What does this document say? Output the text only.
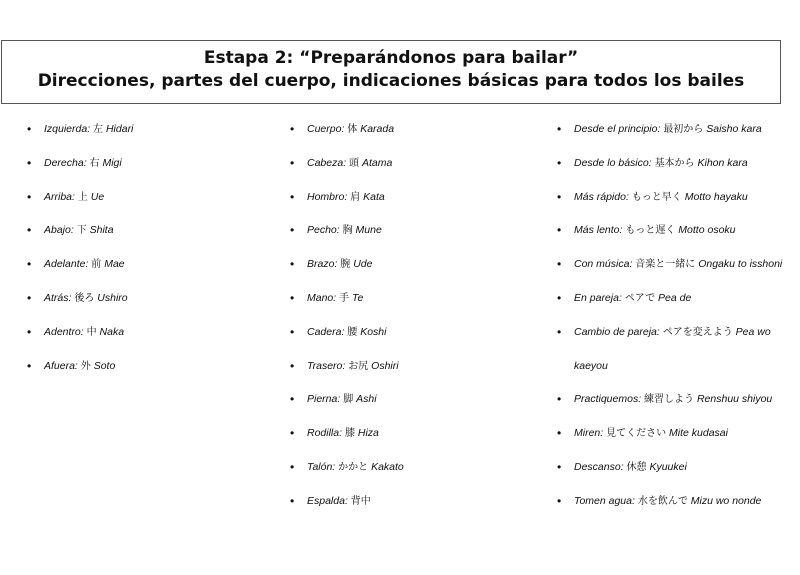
Estapa 2: “Preparándonos para bailar”
Direcciones, partes del cuerpo, indicaciones básicas para todos los bailes
• Izquierda: 左 Hidari
• Derecha: 右 Migi
• Arriba: 上 Ue
• Abajo: 下 Shita
• Adelante: 前 Mae
• Atrás: 後ろ Ushiro
• Adentro: 中 Naka
• Afuera: 外 Soto
• Cuerpo: 体 Karada
• Cabeza: 頭 Atama
• Hombro: 肩 Kata
• Pecho: 胸 Mune
• Brazo: 腕 Ude
• Mano: 手 Te
• Cadera: 腰 Koshi
• Trasero: お尻 Oshiri
• Pierna: 脚 Ashi
• Rodilla: 膝 Hiza
• Talón: かかと Kakato
• Espalda: 背中
• Desde el principio: 最初から Saisho kara
• Desde lo básico: 基本から Kihon kara
• Más rápido: もっと早く Motto hayaku
• Más lento: もっと遅く Motto osoku
• Con música: 音楽と一緒に Ongaku to isshoni
• En pareja: ペアで Pea de
• Cambio de pareja: ペアを変えよう Pea wo
kaeyou
• Practiquemos: 練習しよう Renshuu shiyou
• Miren: 見てください Mite kudasai
• Descanso: 休憩 Kyuukei
• Tomen agua: 水を飲んで Mizu wo nonde
